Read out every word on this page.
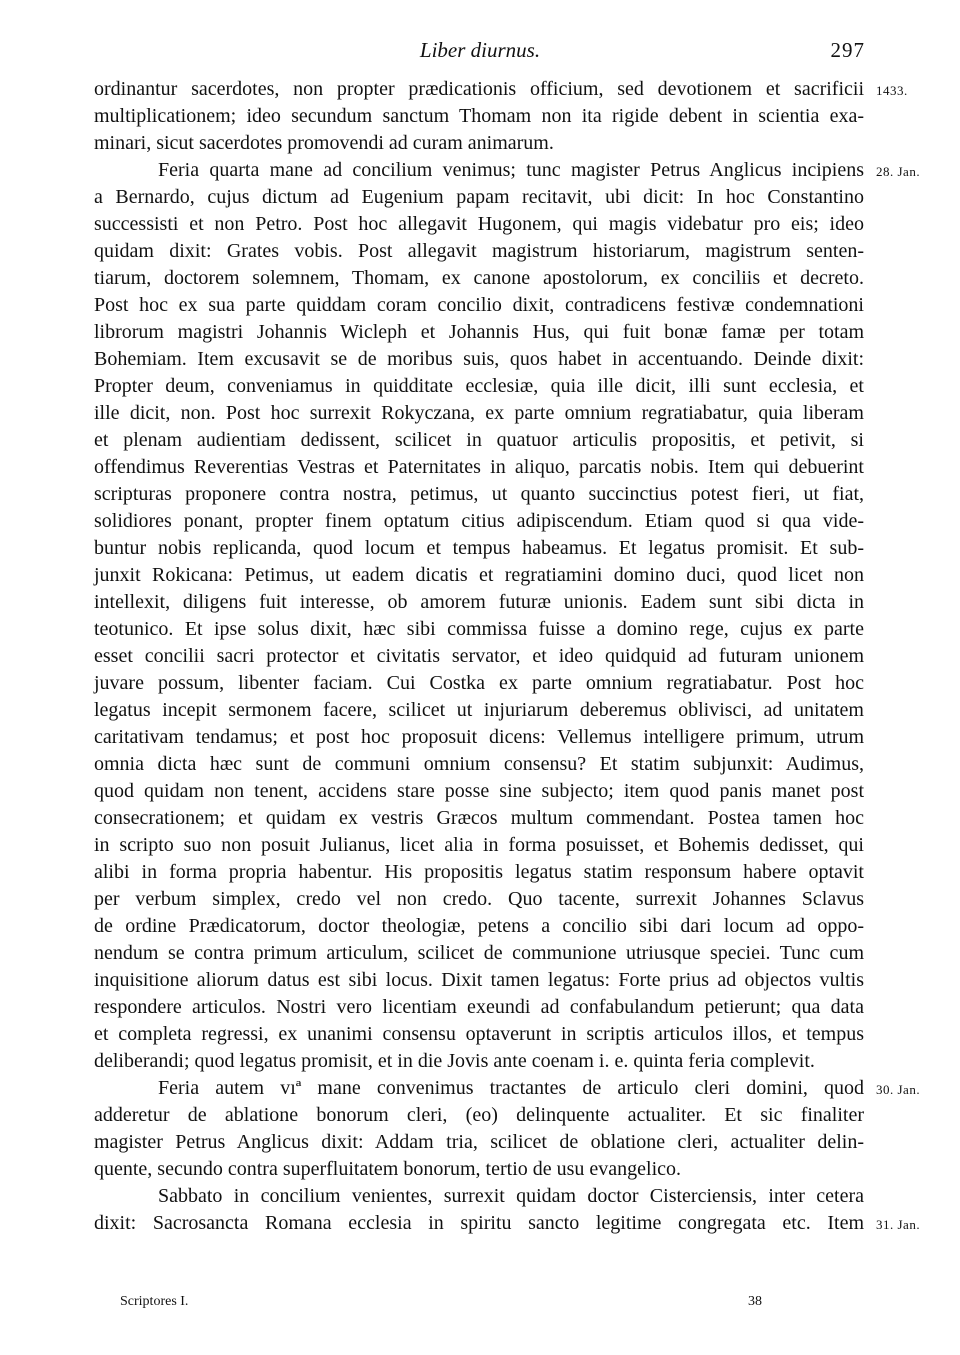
Liber diurnus.	297
ordinantur sacerdotes, non propter prædicationis officium, sed devotionem et sacrificii
multiplicationem; ideo secundum sanctum Thomam non ita rigide debent in scientia exa-
minari, sicut sacerdotes promovendi ad curam animarum.
Feria quarta mane ad concilium venimus; tunc magister Petrus Anglicus incipiens
a Bernardo, cujus dictum ad Eugenium papam recitavit, ubi dicit: In hoc Constantino
successisti et non Petro. Post hoc allegavit Hugonem, qui magis videbatur pro eis; ideo
quidam dixit: Grates vobis. Post allegavit magistrum historiarum, magistrum senten-
tiarum, doctorem solemnem, Thomam, ex canone apostolorum, ex conciliis et decreto.
Post hoc ex sua parte quiddam coram concilio dixit, contradicens festivæ condemnationi
librorum magistri Johannis Wicleph et Johannis Hus, qui fuit bonæ famæ per totam
Bohemiam. Item excusavit se de moribus suis, quos habet in accentuando. Deinde dixit:
Propter deum, conveniamus in quidditate ecclesiæ, quia ille dicit, illi sunt ecclesia, et
ille dicit, non. Post hoc surrexit Rokyczana, ex parte omnium regratiabatur, quia liberam
et plenam audientiam dedissent, scilicet in quatuor articulis propositis, et petivit, si
offendimus Reverentias Vestras et Paternitates in aliquo, parcatis nobis. Item qui debuerint
scripturas proponere contra nostra, petimus, ut quanto succinctius potest fieri, ut fiat,
solidiores ponant, propter finem optatum citius adipiscendum. Etiam quod si qua vide-
buntur nobis replicanda, quod locum et tempus habeamus. Et legatus promisit. Et sub-
junxit Rokicana: Petimus, ut eadem dicatis et regratiamini domino duci, quod licet non
intellexit, diligens fuit interesse, ob amorem futuræ unionis. Eadem sunt sibi dicta in
teotunico. Et ipse solus dixit, hæc sibi commissa fuisse a domino rege, cujus ex parte
esset concilii sacri protector et civitatis servator, et ideo quidquid ad futuram unionem
juvare possum, libenter faciam. Cui Costka ex parte omnium regratiabatur. Post hoc
legatus incepit sermonem facere, scilicet ut injuriarum deberemus oblivisci, ad unitatem
caritativam tendamus; et post hoc proposuit dicens: Vellemus intelligere primum, utrum
omnia dicta hæc sunt de communi omnium consensu? Et statim subjunxit: Audimus,
quod quidam non tenent, accidens stare posse sine subjecto; item quod panis manet post
consecrationem; et quidam ex vestris Græcos multum commendant. Postea tamen hoc
in scripto suo non posuit Julianus, licet alia in forma posuisset, et Bohemis dedisset, qui
alibi in forma propria habentur. His propositis legatus statim responsum habere optavit
per verbum simplex, credo vel non credo. Quo tacente, surrexit Johannes Sclavus
de ordine Prædicatorum, doctor theologiæ, petens a concilio sibi dari locum ad oppo-
nendum se contra primum articulum, scilicet de communione utriusque speciei. Tunc cum
inquisitione aliorum datus est sibi locus. Dixit tamen legatus: Forte prius ad objectos vultis
respondere articulos. Nostri vero licentiam exeundi ad confabulandum petierunt; qua data
et completa regressi, ex unanimi consensu optaverunt in scriptis articulos illos, et tempus
deliberandi; quod legatus promisit, et in die Jovis ante coenam i. e. quinta feria complevit.
Feria autem vıª mane convenimus tractantes de articulo cleri domini, quod
adderetur de ablatione bonorum cleri, (eo) delinquente actualiter. Et sic finaliter
magister Petrus Anglicus dixit: Addam tria, scilicet de oblatione cleri, actualiter delin-
quente, secundo contra superfluitatem bonorum, tertio de usu evangelico.
Sabbato in concilium venientes, surrexit quidam doctor Cisterciensis, inter cetera
dixit: Sacrosancta Romana ecclesia in spiritu sancto legitime congregata etc. Item
1433.
28. Jan.
30. Jan.
31. Jan.
Scriptores I.	38
